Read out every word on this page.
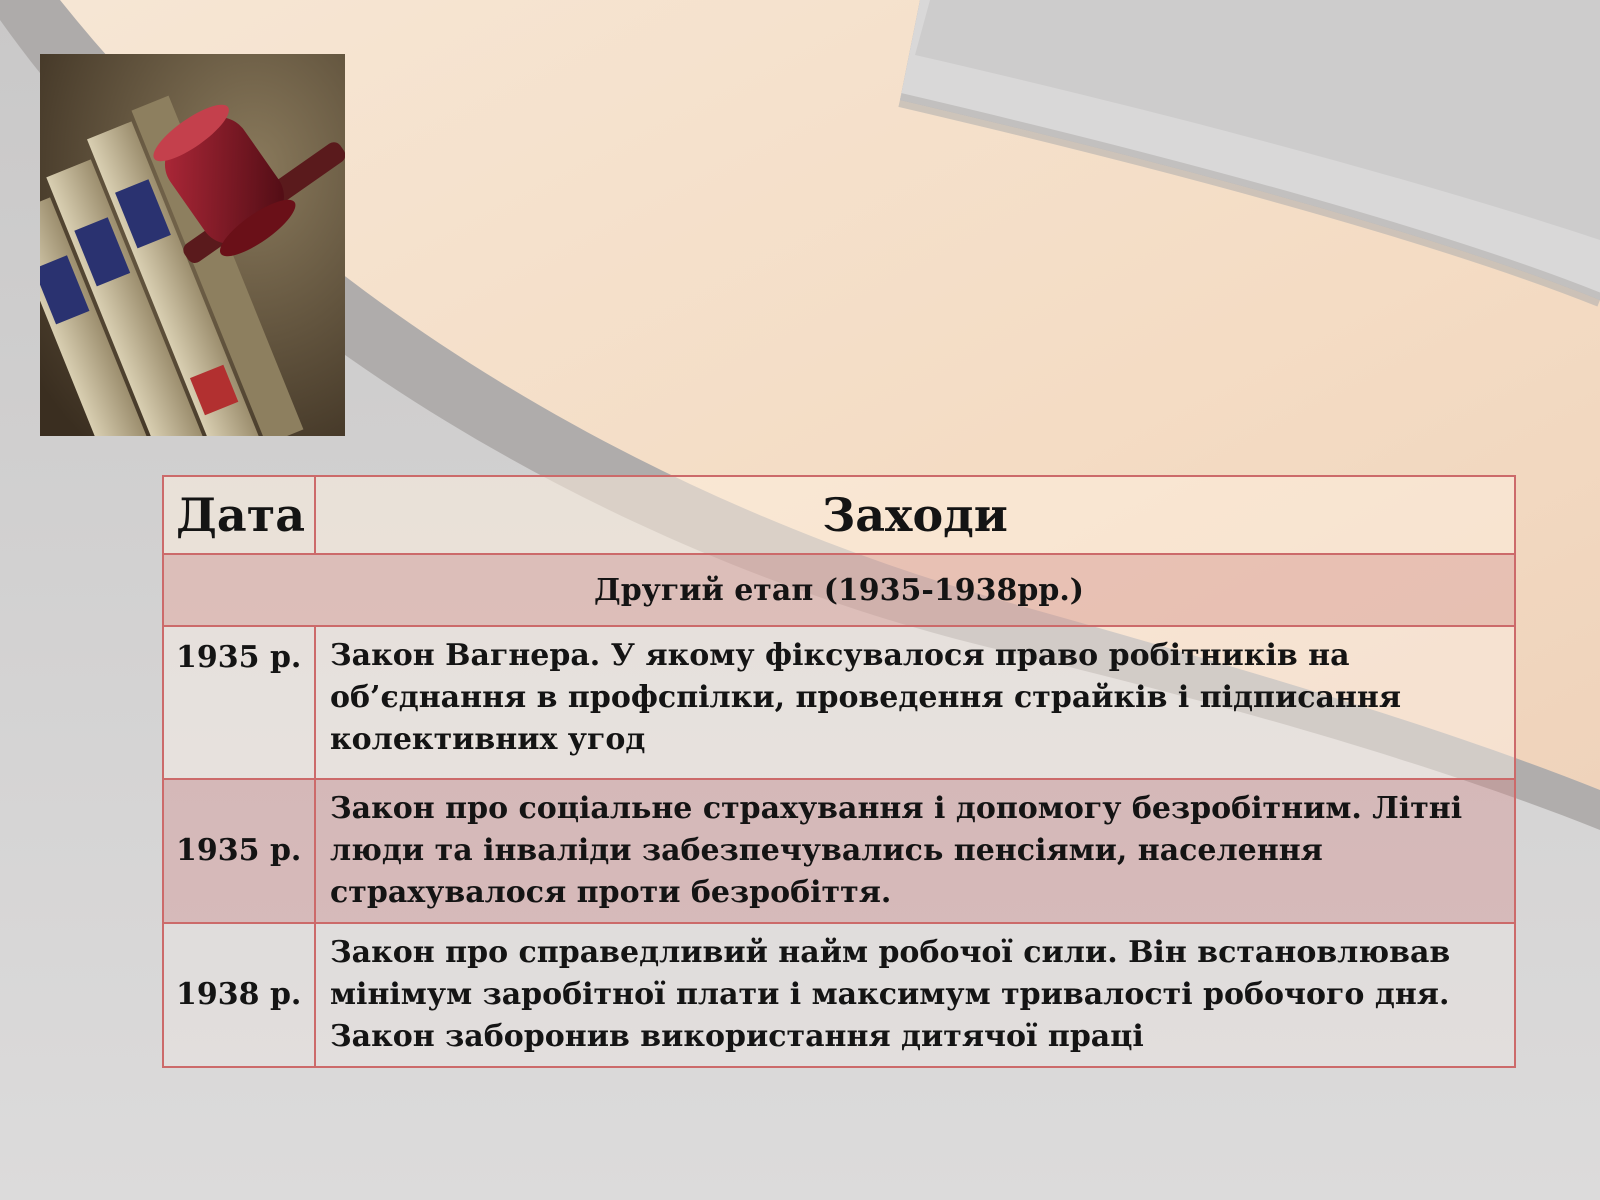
Дата	Заходи
Другий етап (1935-1938рр.)	
1935 р.	Закон Вагнера. У якому фіксувалося право робітників на об’єднання в профспілки, проведення страйків і підписання колективних угод
1935 р.	Закон про соціальне страхування і допомогу безробітним. Літні люди та інваліди забезпечувались пенсіями, населення страхувалося проти безробіття.
1938 р.	Закон про справедливий найм робочої сили. Він встановлював мінімум заробітної плати і максимум тривалості робочого дня. Закон заборонив використання дитячої праці
